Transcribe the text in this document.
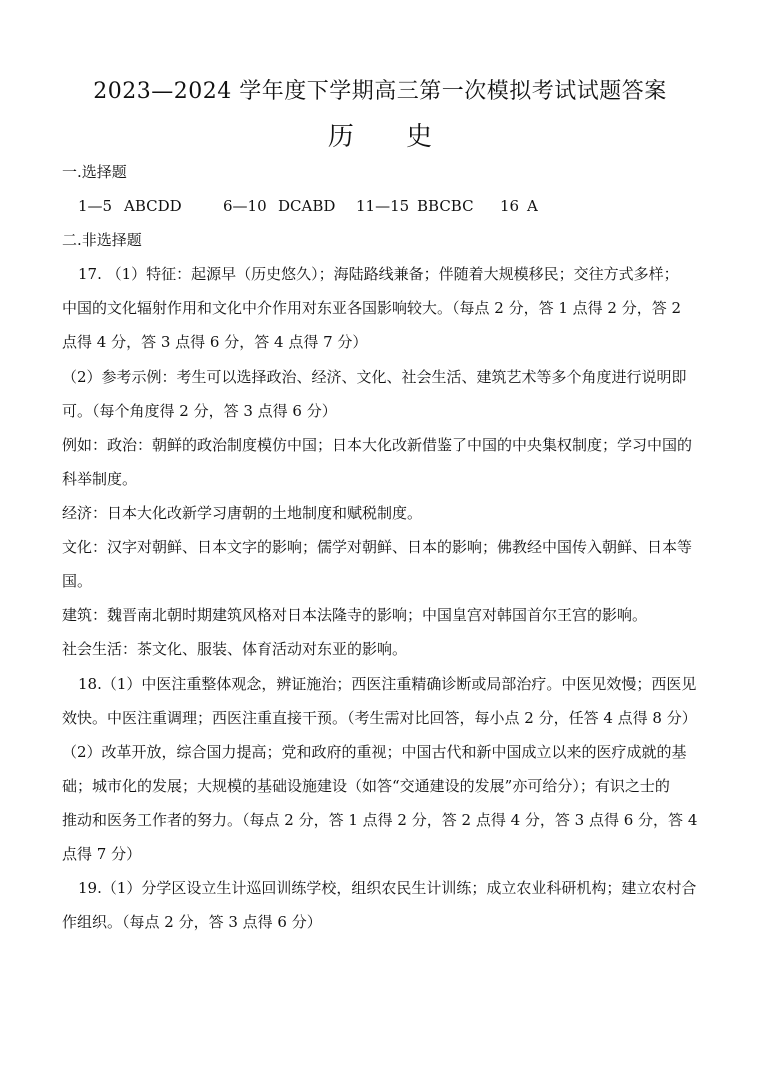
2023—2024 学年度下学期高三第一次模拟考试试题答案
历 史
一.选择题
1—5 ABCDD	6—10 DCABD 11—15 BBCBC 16 A
二.非选择题
17. （1）特征：起源早（历史悠久）；海陆路线兼备；伴随着大规模移民；交往方式多样；
中国的文化辐射作用和文化中介作用对东亚各国影响较大。（每点 2 分，答 1 点得 2 分，答 2
点得 4 分，答 3 点得 6 分，答 4 点得 7 分）
（2）参考示例：考生可以选择政治、经济、文化、社会生活、建筑艺术等多个角度进行说明即
可。（每个角度得 2 分，答 3 点得 6 分）
例如：政治：朝鲜的政治制度模仿中国；日本大化改新借鉴了中国的中央集权制度；学习中国的
科举制度。
经济：日本大化改新学习唐朝的土地制度和赋税制度。
文化：汉字对朝鲜、日本文字的影响；儒学对朝鲜、日本的影响；佛教经中国传入朝鲜、日本等
国。
建筑：魏晋南北朝时期建筑风格对日本法隆寺的影响；中国皇宫对韩国首尔王宫的影响。
社会生活：茶文化、服装、体育活动对东亚的影响。
18.（1）中医注重整体观念，辨证施治；西医注重精确诊断或局部治疗。中医见效慢；西医见
效快。中医注重调理；西医注重直接干预。（考生需对比回答，每小点 2 分，任答 4 点得 8 分）
（2）改革开放，综合国力提高；党和政府的重视；中国古代和新中国成立以来的医疗成就的基
础；城市化的发展；大规模的基础设施建设（如答“交通建设的发展”亦可给分）；有识之士的
推动和医务工作者的努力。（每点 2 分，答 1 点得 2 分，答 2 点得 4 分，答 3 点得 6 分，答 4
点得 7 分）
19.（1）分学区设立生计巡回训练学校，组织农民生计训练；成立农业科研机构；建立农村合
作组织。（每点 2 分，答 3 点得 6 分）
